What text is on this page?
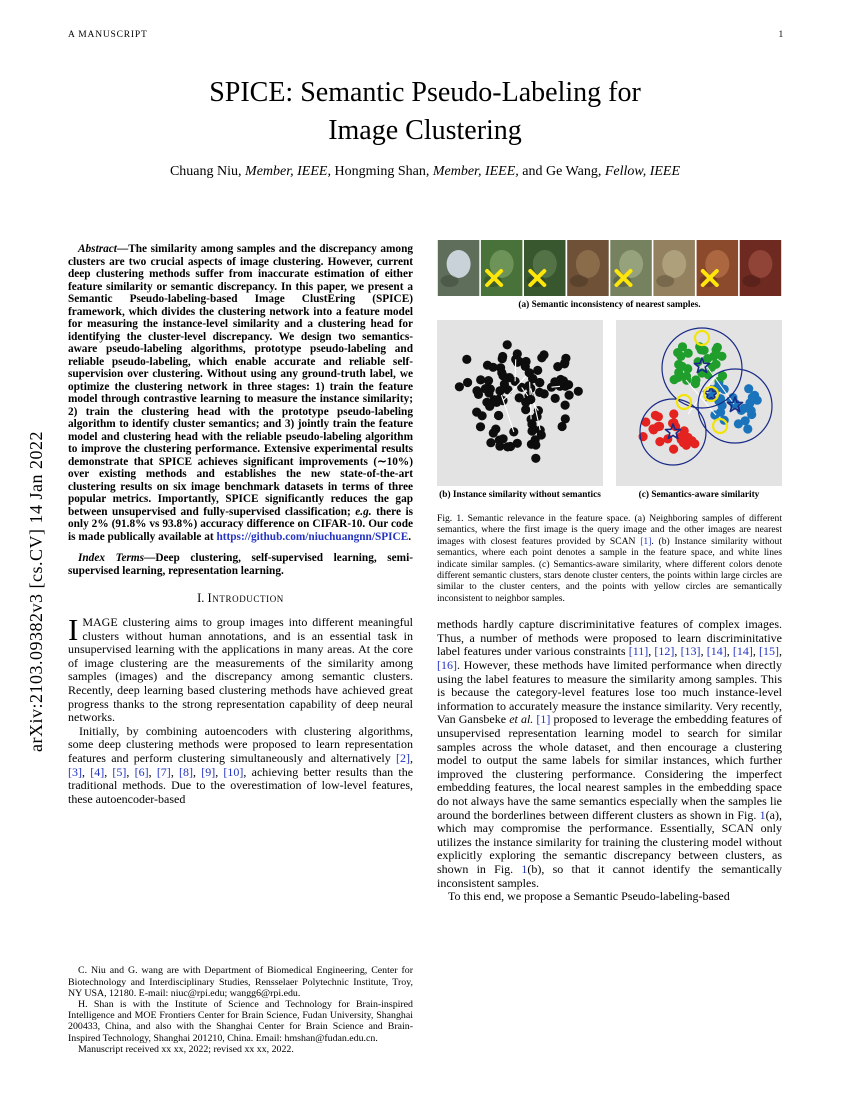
A MANUSCRIPT	1
SPICE: Semantic Pseudo-Labeling for
Image Clustering
Chuang Niu, Member, IEEE, Hongming Shan, Member, IEEE, and Ge Wang, Fellow, IEEE
arXiv:2103.09382v3 [cs.CV] 14 Jan 2022

Abstract—The similarity among samples and the discrepancy among clusters are two crucial aspects of image clustering. However, current deep clustering methods suffer from inaccurate estimation of either feature similarity or semantic discrepancy. In this paper, we present a Semantic Pseudo-labeling-based Image ClustEring (SPICE) framework, which divides the clustering network into a feature model for measuring the instance-level similarity and a clustering head for identifying the cluster-level discrepancy. We design two semantics-aware pseudo-labeling algorithms, prototype pseudo-labeling and reliable pseudo-labeling, which enable accurate and reliable self-supervision over clustering. Without using any ground-truth label, we optimize the clustering network in three stages: 1) train the feature model through contrastive learning to measure the instance similarity; 2) train the clustering head with the prototype pseudo-labeling algorithm to identify cluster semantics; and 3) jointly train the feature model and clustering head with the reliable pseudo-labeling algorithm to improve the clustering performance. Extensive experimental results demonstrate that SPICE achieves significant improvements (∼10%) over existing methods and establishes the new state-of-the-art clustering results on six image benchmark datasets in terms of three popular metrics. Importantly, SPICE significantly reduces the gap between unsupervised and fully-supervised classification; e.g. there is only 2% (91.8% vs 93.8%) accuracy difference on CIFAR-10. Our code is made publically available at https://github.com/niuchuangnn/SPICE.

Index Terms—Deep clustering, self-supervised learning, semi-supervised learning, representation learning.

I. Introduction

IMAGE clustering aims to group images into different meaningful clusters without human annotations, and is an essential task in unsupervised learning with the applications in many areas. At the core of image clustering are the measurements of the similarity among samples (images) and the discrepancy among semantic clusters. Recently, deep learning based clustering methods have achieved great progress thanks to the strong representation capability of deep neural networks.

Initially, by combining autoencoders with clustering algorithms, some deep clustering methods were proposed to learn representation features and perform clustering simultaneously and alternatively [2], [3], [4], [5], [6], [7], [8], [9], [10], achieving better results than the traditional methods. Due to the overestimation of low-level features, these autoencoder-based

C. Niu and G. wang are with Department of Biomedical Engineering, Center for Biotechnology and Interdisciplinary Studies, Rensselaer Polytechnic Institute, Troy, NY USA, 12180. E-mail: niuc@rpi.edu; wangg6@rpi.edu.

H. Shan is with the Institute of Science and Technology for Brain-inspired Intelligence and MOE Frontiers Center for Brain Science, Fudan University, Shanghai 200433, China, and also with the Shanghai Center for Brain Science and Brain-Inspired Technology, Shanghai 201210, China. Email: hmshan@fudan.edu.cn.

Manuscript received xx xx, 2022; revised xx xx, 2022.

(a) Semantic inconsistency of nearest samples.
(b) Instance similarity without semantics	(c) Semantics-aware similarity
Fig. 1. Semantic relevance in the feature space. (a) Neighboring samples of different semantics, where the first image is the query image and the other images are nearest images with closest features provided by SCAN [1]. (b) Instance similarity without semantics, where each point denotes a sample in the feature space, and white lines indicate similar samples. (c) Semantics-aware similarity, where different colors denote different semantic clusters, stars denote cluster centers, the points within large circles are similar to the cluster centers, and the points with yellow circles are semantically inconsistent to neighbor samples.

methods hardly capture discriminitative features of complex images. Thus, a number of methods were proposed to learn discriminitative label features under various constraints [11], [12], [13], [14], [14], [15], [16]. However, these methods have limited performance when directly using the label features to measure the similarity among samples. This is because the category-level features lose too much instance-level information to accurately measure the instance similarity. Very recently, Van Gansbeke et al. [1] proposed to leverage the embedding features of unsupervised representation learning model to search for similar samples across the whole dataset, and then encourage a clustering model to output the same labels for similar instances, which further improved the clustering performance. Considering the imperfect embedding features, the local nearest samples in the embedding space do not always have the same semantics especially when the samples lie around the borderlines between different clusters as shown in Fig. 1(a), which may compromise the performance. Essentially, SCAN only utilizes the instance similarity for training the clustering model without explicitly exploring the semantic discrepancy between clusters, as shown in Fig. 1(b), so that it cannot identify the semantically inconsistent samples.

To this end, we propose a Semantic Pseudo-labeling-based
